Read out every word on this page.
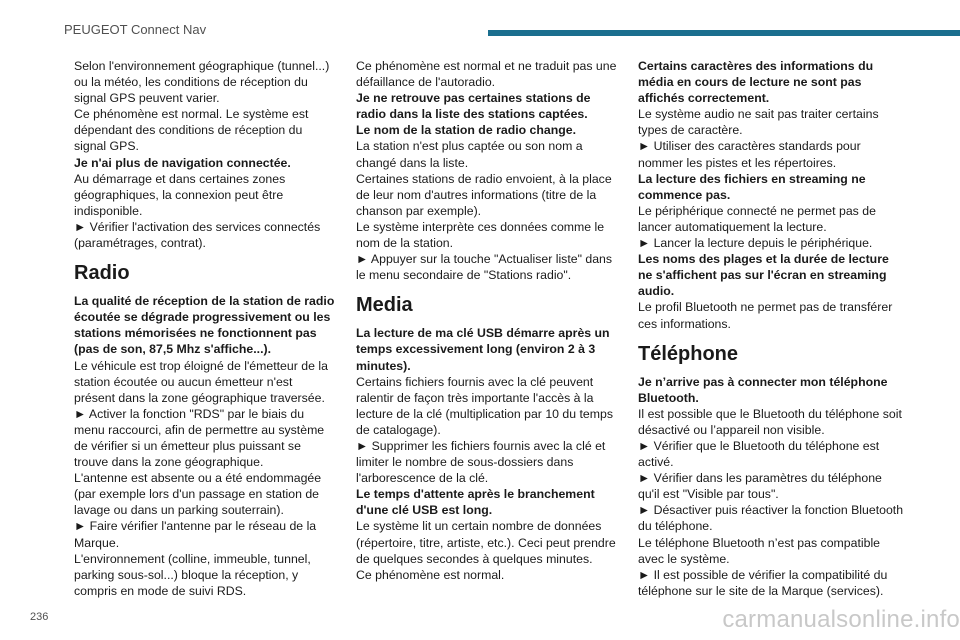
PEUGEOT Connect Nav

Selon l'environnement géographique (tunnel...) ou la météo, les conditions de réception du signal GPS peuvent varier.

Ce phénomène est normal. Le système est dépendant des conditions de réception du signal GPS.

Je n'ai plus de navigation connectée.

Au démarrage et dans certaines zones géographiques, la connexion peut être indisponible.

► Vérifier l'activation des services connectés (paramétrages, contrat).

Radio

La qualité de réception de la station de radio écoutée se dégrade progressivement ou les stations mémorisées ne fonctionnent pas (pas de son, 87,5 Mhz s'affiche...).

Le véhicule est trop éloigné de l'émetteur de la station écoutée ou aucun émetteur n'est présent dans la zone géographique traversée.

► Activer la fonction "RDS" par le biais du menu raccourci, afin de permettre au système de vérifier si un émetteur plus puissant se trouve dans la zone géographique.

L'antenne est absente ou a été endommagée (par exemple lors d'un passage en station de lavage ou dans un parking souterrain).

► Faire vérifier l'antenne par le réseau de la Marque.

L'environnement (colline, immeuble, tunnel, parking sous-sol...) bloque la réception, y compris en mode de suivi RDS.

Ce phénomène est normal et ne traduit pas une défaillance de l'autoradio.

Je ne retrouve pas certaines stations de radio dans la liste des stations captées.

Le nom de la station de radio change.

La station n'est plus captée ou son nom a changé dans la liste.

Certaines stations de radio envoient, à la place de leur nom d'autres informations (titre de la chanson par exemple).

Le système interprète ces données comme le nom de la station.

► Appuyer sur la touche "Actualiser liste" dans le menu secondaire de "Stations radio".

Media

La lecture de ma clé USB démarre après un temps excessivement long (environ 2 à 3 minutes).

Certains fichiers fournis avec la clé peuvent ralentir de façon très importante l'accès à la lecture de la clé (multiplication par 10 du temps de catalogage).

► Supprimer les fichiers fournis avec la clé et limiter le nombre de sous-dossiers dans l'arborescence de la clé.

Le temps d'attente après le branchement d'une clé USB est long.

Le système lit un certain nombre de données (répertoire, titre, artiste, etc.). Ceci peut prendre de quelques secondes à quelques minutes.

Ce phénomène est normal.

Certains caractères des informations du média en cours de lecture ne sont pas affichés correctement.

Le système audio ne sait pas traiter certains types de caractère.

► Utiliser des caractères standards pour nommer les pistes et les répertoires.

La lecture des fichiers en streaming ne commence pas.

Le périphérique connecté ne permet pas de lancer automatiquement la lecture.

► Lancer la lecture depuis le périphérique.

Les noms des plages et la durée de lecture ne s'affichent pas sur l'écran en streaming audio.

Le profil Bluetooth ne permet pas de transférer ces informations.

Téléphone

Je n’arrive pas à connecter mon téléphone Bluetooth.

Il est possible que le Bluetooth du téléphone soit désactivé ou l’appareil non visible.

► Vérifier que le Bluetooth du téléphone est activé.

► Vérifier dans les paramètres du téléphone qu'il est "Visible par tous".

► Désactiver puis réactiver la fonction Bluetooth du téléphone.

Le téléphone Bluetooth n’est pas compatible avec le système.

► Il est possible de vérifier la compatibilité du téléphone sur le site de la Marque (services).

236	carmanualsonline.info
